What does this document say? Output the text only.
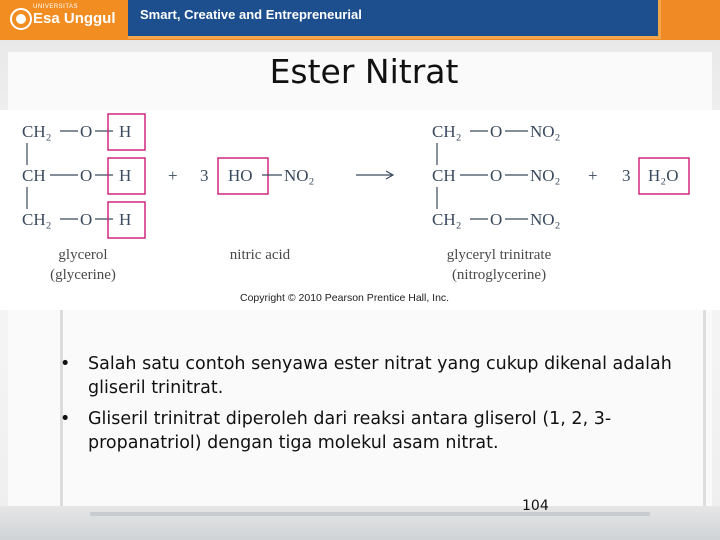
UNIVERSITAS
Esa Unggul Smart, Creative and Entrepreneurial
Ester Nitrat
CH₂
CH
CH₂
O
O
O
H
H
H
+ 3 HO NO₂
CH₂
CH
CH₂
O
O
O
NO₂
NO₂
NO₂
+ 3 H₂O
glycerol
(glycerine)
nitric acid	glyceryl trinitrate
(nitroglycerine)
Copyright © 2010 Pearson Prentice Hall, Inc.
• Salah satu contoh senyawa ester nitrat yang cukup dikenal adalah gliseril trinitrat.
• Gliseril trinitrat diperoleh dari reaksi antara gliserol (1, 2, 3-propanatriol) dengan tiga molekul asam nitrat.
104
